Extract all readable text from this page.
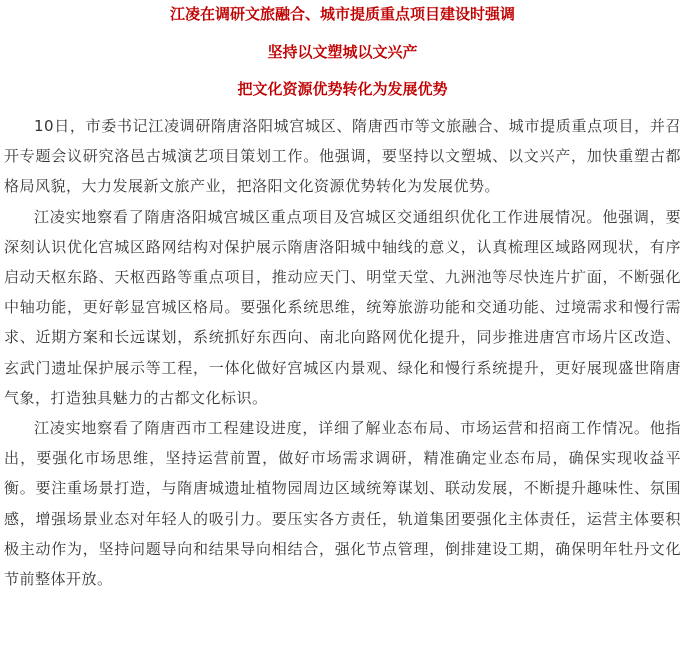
江凌在调研文旅融合、城市提质重点项目建设时强调
坚持以文塑城以文兴产
把文化资源优势转化为发展优势

10日，市委书记江凌调研隋唐洛阳城宫城区、隋唐西市等文旅融合、城市提质重点项目，并召开专题会议研究洛邑古城演艺项目策划工作。他强调，要坚持以文塑城、以文兴产，加快重塑古都格局风貌，大力发展新文旅产业，把洛阳文化资源优势转化为发展优势。

江凌实地察看了隋唐洛阳城宫城区重点项目及宫城区交通组织优化工作进展情况。他强调，要深刻认识优化宫城区路网结构对保护展示隋唐洛阳城中轴线的意义，认真梳理区域路网现状，有序启动天枢东路、天枢西路等重点项目，推动应天门、明堂天堂、九洲池等尽快连片扩面，不断强化中轴功能，更好彰显宫城区格局。要强化系统思维，统筹旅游功能和交通功能、过境需求和慢行需求、近期方案和长远谋划，系统抓好东西向、南北向路网优化提升，同步推进唐宫市场片区改造、玄武门遗址保护展示等工程，一体化做好宫城区内景观、绿化和慢行系统提升，更好展现盛世隋唐气象，打造独具魅力的古都文化标识。

江凌实地察看了隋唐西市工程建设进度，详细了解业态布局、市场运营和招商工作情况。他指出，要强化市场思维，坚持运营前置，做好市场需求调研，精准确定业态布局，确保实现收益平衡。要注重场景打造，与隋唐城遗址植物园周边区域统筹谋划、联动发展，不断提升趣味性、氛围感，增强场景业态对年轻人的吸引力。要压实各方责任，轨道集团要强化主体责任，运营主体要积极主动作为，坚持问题导向和结果导向相结合，强化节点管理，倒排建设工期，确保明年牡丹文化节前整体开放。
